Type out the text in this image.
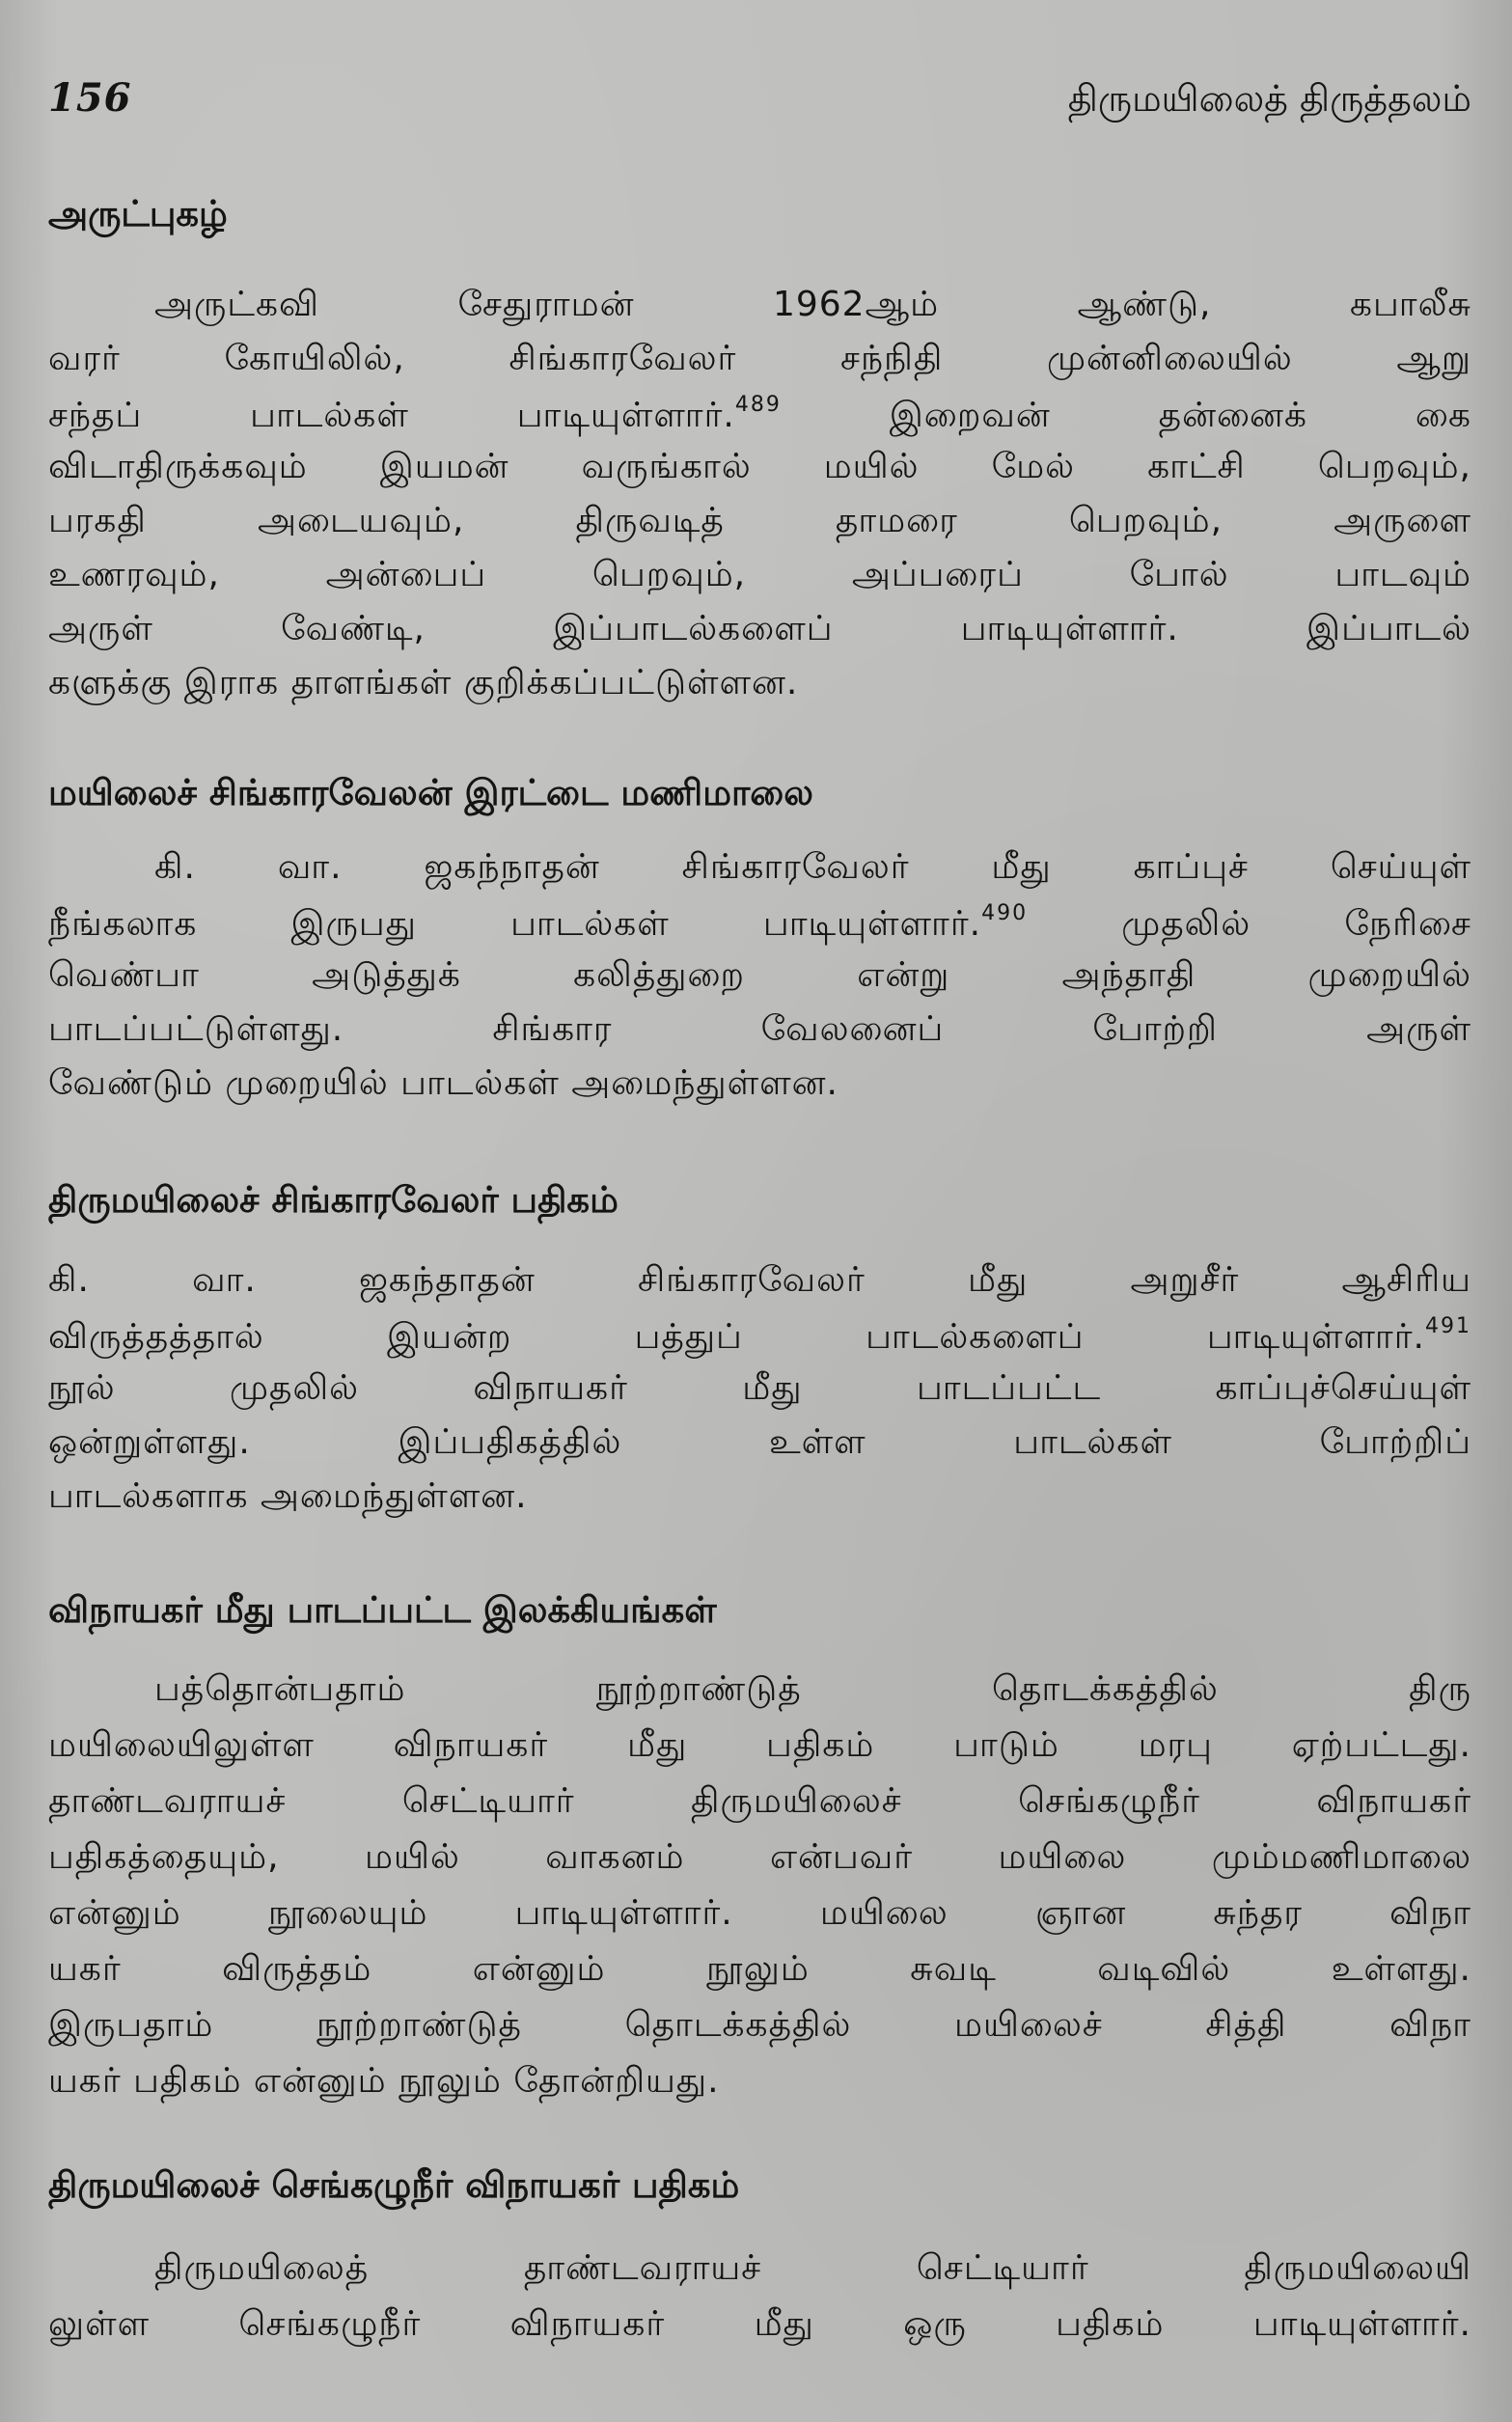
156	திருமயிலைத் திருத்தலம்
அருட்புகழ்
அருட்கவி சேதுராமன் 1962ஆம் ஆண்டு, கபாலீசு
வரர் கோயிலில், சிங்காரவேலர் சந்நிதி முன்னிலையில் ஆறு
சந்தப் பாடல்கள் பாடியுள்ளார்.$^{489}$ இறைவன் தன்னைக் கை
விடாதிருக்கவும் இயமன் வருங்கால் மயில் மேல் காட்சி பெறவும்,
பரகதி அடையவும், திருவடித் தாமரை பெறவும், அருளை
உணரவும், அன்பைப் பெறவும், அப்பரைப் போல் பாடவும்
அருள் வேண்டி, இப்பாடல்களைப் பாடியுள்ளார். இப்பாடல்
களுக்கு இராக தாளங்கள் குறிக்கப்பட்டுள்ளன.
மயிலைச் சிங்காரவேலன் இரட்டை மணிமாலை
கி. வா. ஜகந்நாதன் சிங்காரவேலர் மீது காப்புச் செய்யுள்
நீங்கலாக இருபது பாடல்கள் பாடியுள்ளார்.$^{490}$ முதலில் நேரிசை
வெண்பா அடுத்துக் கலித்துறை என்று அந்தாதி முறையில்
பாடப்பட்டுள்ளது. சிங்கார வேலனைப் போற்றி அருள்
வேண்டும் முறையில் பாடல்கள் அமைந்துள்ளன.
திருமயிலைச் சிங்காரவேலர் பதிகம்
கி. வா. ஜகந்தாதன் சிங்காரவேலர் மீது அறுசீர் ஆசிரிய
விருத்தத்தால் இயன்ற பத்துப் பாடல்களைப் பாடியுள்ளார்.$^{491}$
நூல் முதலில் விநாயகர் மீது பாடப்பட்ட காப்புச்செய்யுள்
ஒன்றுள்ளது. இப்பதிகத்தில் உள்ள பாடல்கள் போற்றிப்
பாடல்களாக அமைந்துள்ளன.
விநாயகர் மீது பாடப்பட்ட இலக்கியங்கள்
பத்தொன்பதாம் நூற்றாண்டுத் தொடக்கத்தில் திரு
மயிலையிலுள்ள விநாயகர் மீது பதிகம் பாடும் மரபு ஏற்பட்டது.
தாண்டவராயச் செட்டியார் திருமயிலைச் செங்கழுநீர் விநாயகர்
பதிகத்தையும், மயில் வாகனம் என்பவர் மயிலை மும்மணிமாலை
என்னும் நூலையும் பாடியுள்ளார். மயிலை ஞான சுந்தர விநா
யகர் விருத்தம் என்னும் நூலும் சுவடி வடிவில் உள்ளது.
இருபதாம் நூற்றாண்டுத் தொடக்கத்தில் மயிலைச் சித்தி விநா
யகர் பதிகம் என்னும் நூலும் தோன்றியது.
திருமயிலைச் செங்கழுநீர் விநாயகர் பதிகம்
திருமயிலைத் தாண்டவராயச் செட்டியார் திருமயிலையி
லுள்ள செங்கழுநீர் விநாயகர் மீது ஒரு பதிகம் பாடியுள்ளார்.
